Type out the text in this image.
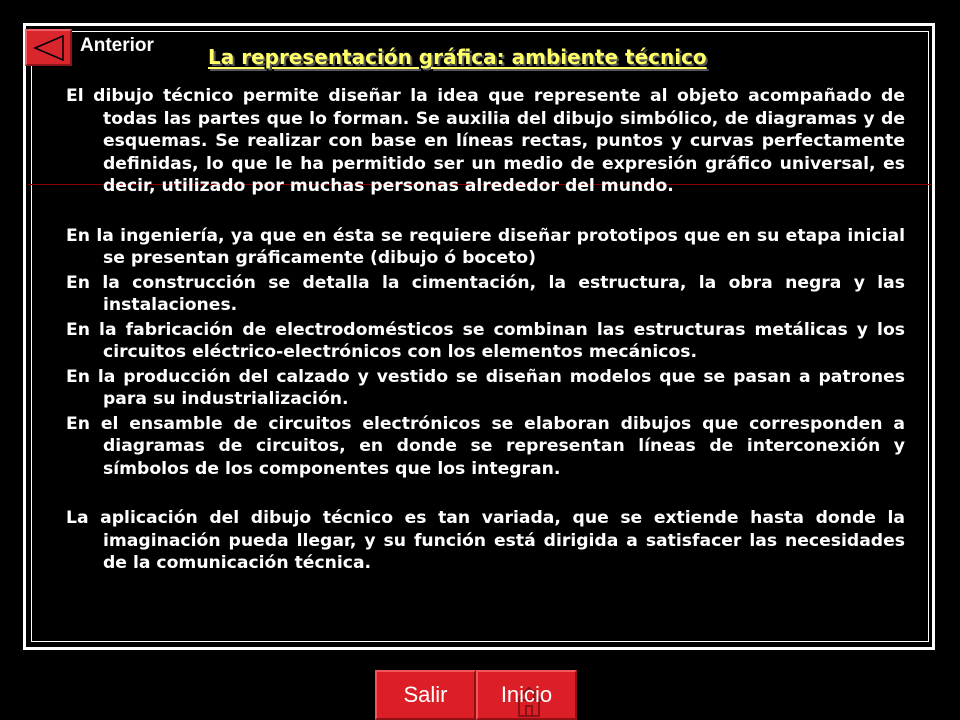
Anterior	La representación gráfica: ambiente técnico

El dibujo técnico permite diseñar la idea que represente al objeto acompañado de todas las partes que lo forman. Se auxilia del dibujo simbólico, de diagramas y de esquemas. Se realizar con base en líneas rectas, puntos y curvas perfectamente definidas, lo que le ha permitido ser un medio de expresión gráfico universal, es decir, utilizado por muchas personas alrededor del mundo.

En la ingeniería, ya que en ésta se requiere diseñar prototipos que en su etapa inicial se presentan gráficamente (dibujo ó boceto)

En la construcción se detalla la cimentación, la estructura, la obra negra y las instalaciones.

En la fabricación de electrodomésticos se combinan las estructuras metálicas y los circuitos eléctrico-electrónicos con los elementos mecánicos.

En la producción del calzado y vestido se diseñan modelos que se pasan a patrones para su industrialización.

En el ensamble de circuitos electrónicos se elaboran dibujos que corresponden a diagramas de circuitos, en donde se representan líneas de interconexión y símbolos de los componentes que los integran.

La aplicación del dibujo técnico es tan variada, que se extiende hasta donde la imaginación pueda llegar, y su función está dirigida a satisfacer las necesidades de la comunicación técnica.

Salir Inicio
